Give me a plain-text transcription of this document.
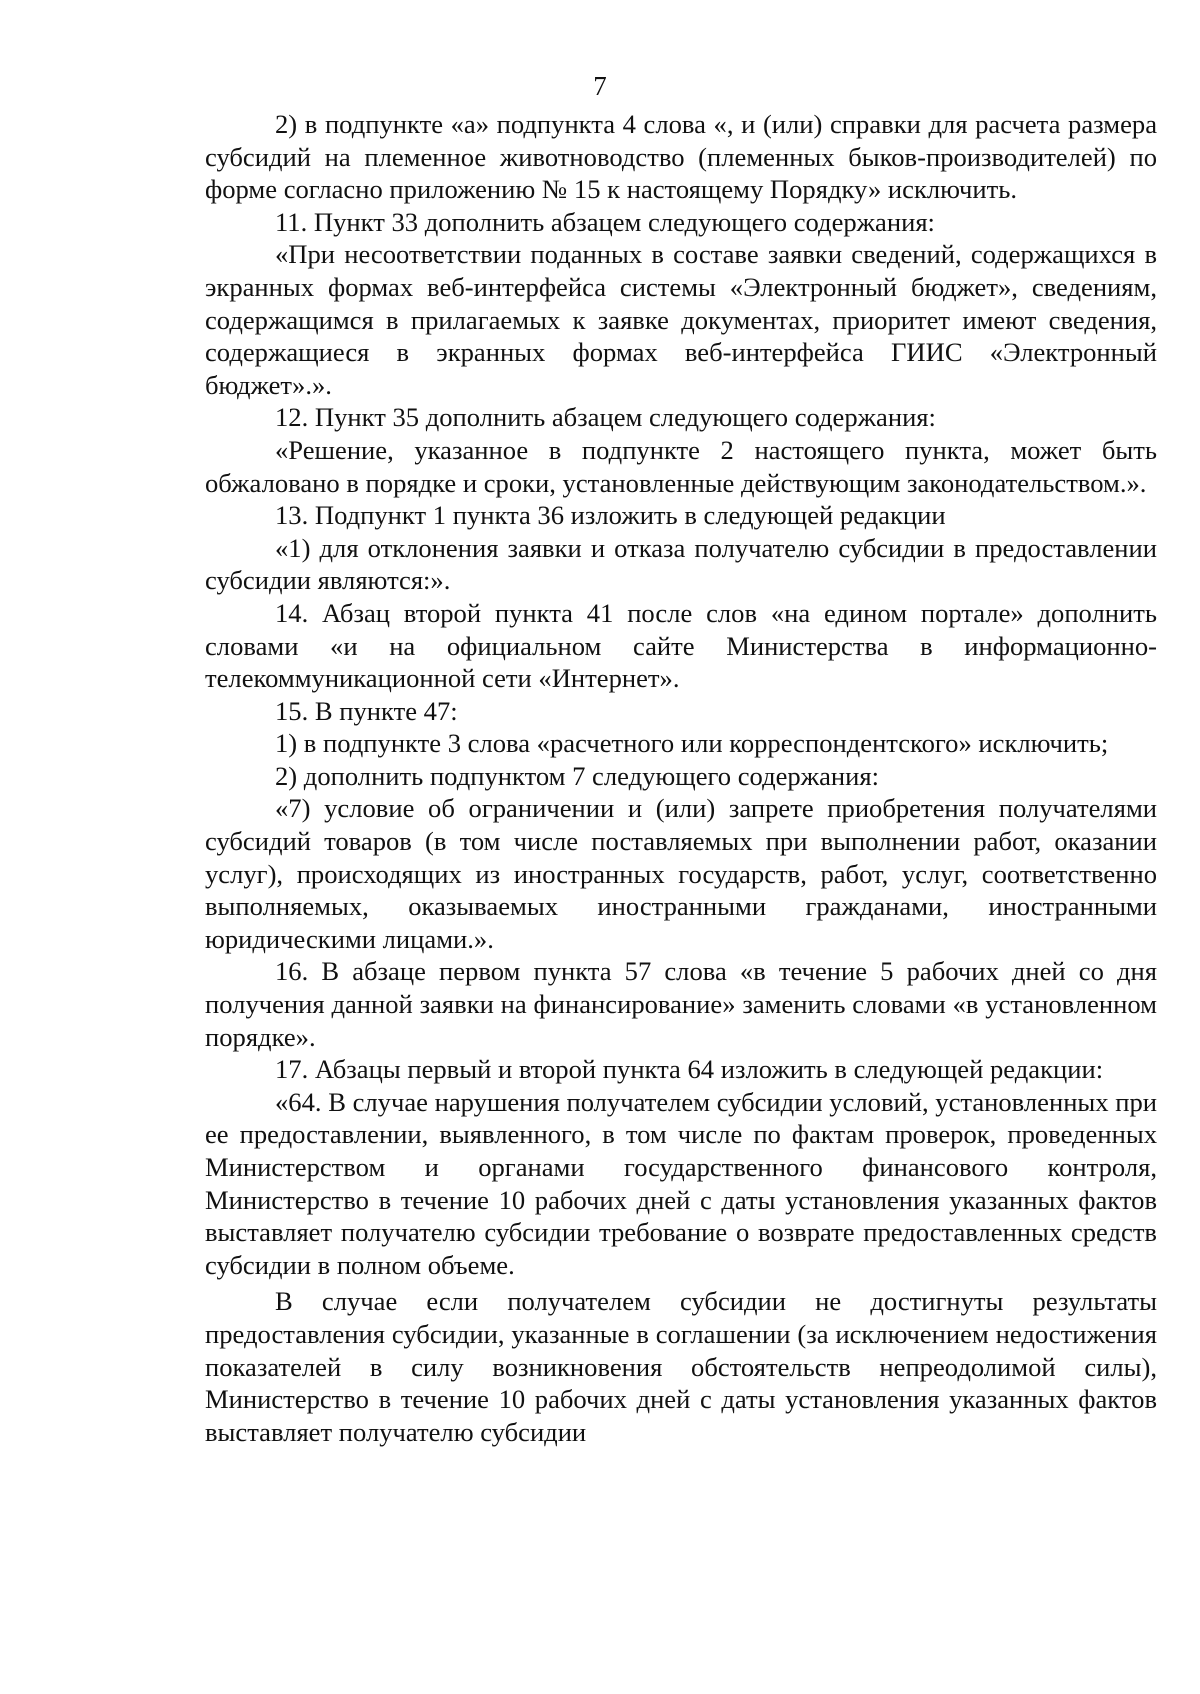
7

2) в подпункте «а» подпункта 4 слова «, и (или) справки для расчета размера субсидий на племенное животноводство (племенных быков-производителей) по форме согласно приложению № 15 к настоящему Порядку» исключить.

11. Пункт 33 дополнить абзацем следующего содержания:

«При несоответствии поданных в составе заявки сведений, содержащихся в экранных формах веб-интерфейса системы «Электронный бюджет», сведениям, содержащимся в прилагаемых к заявке документах, приоритет имеют сведения, содержащиеся в экранных формах веб-интерфейса ГИИС «Электронный бюджет».».

12. Пункт 35 дополнить абзацем следующего содержания:

«Решение, указанное в подпункте 2 настоящего пункта, может быть обжаловано в порядке и сроки, установленные действующим законодательством.».

13. Подпункт 1 пункта 36 изложить в следующей редакции

«1) для отклонения заявки и отказа получателю субсидии в предоставлении субсидии являются:».

14. Абзац второй пункта 41 после слов «на едином портале» дополнить словами «и на официальном сайте Министерства в информационно-телекоммуникационной сети «Интернет».

15. В пункте 47:

1) в подпункте 3 слова «расчетного или корреспондентского» исключить;

2) дополнить подпунктом 7 следующего содержания:

«7) условие об ограничении и (или) запрете приобретения получателями субсидий товаров (в том числе поставляемых при выполнении работ, оказании услуг), происходящих из иностранных государств, работ, услуг, соответственно выполняемых, оказываемых иностранными гражданами, иностранными юридическими лицами.».

16. В абзаце первом пункта 57 слова «в течение 5 рабочих дней со дня получения данной заявки на финансирование» заменить словами «в установленном порядке».

17. Абзацы первый и второй пункта 64 изложить в следующей редакции:

«64. В случае нарушения получателем субсидии условий, установленных при ее предоставлении, выявленного, в том числе по фактам проверок, проведенных Министерством и органами государственного финансового контроля, Министерство в течение 10 рабочих дней с даты установления указанных фактов выставляет получателю субсидии требование о возврате предоставленных средств субсидии в полном объеме.

В случае если получателем субсидии не достигнуты результаты предоставления субсидии, указанные в соглашении (за исключением недостижения показателей в силу возникновения обстоятельств непреодолимой силы), Министерство в течение 10 рабочих дней с даты установления указанных фактов выставляет получателю субсидии
